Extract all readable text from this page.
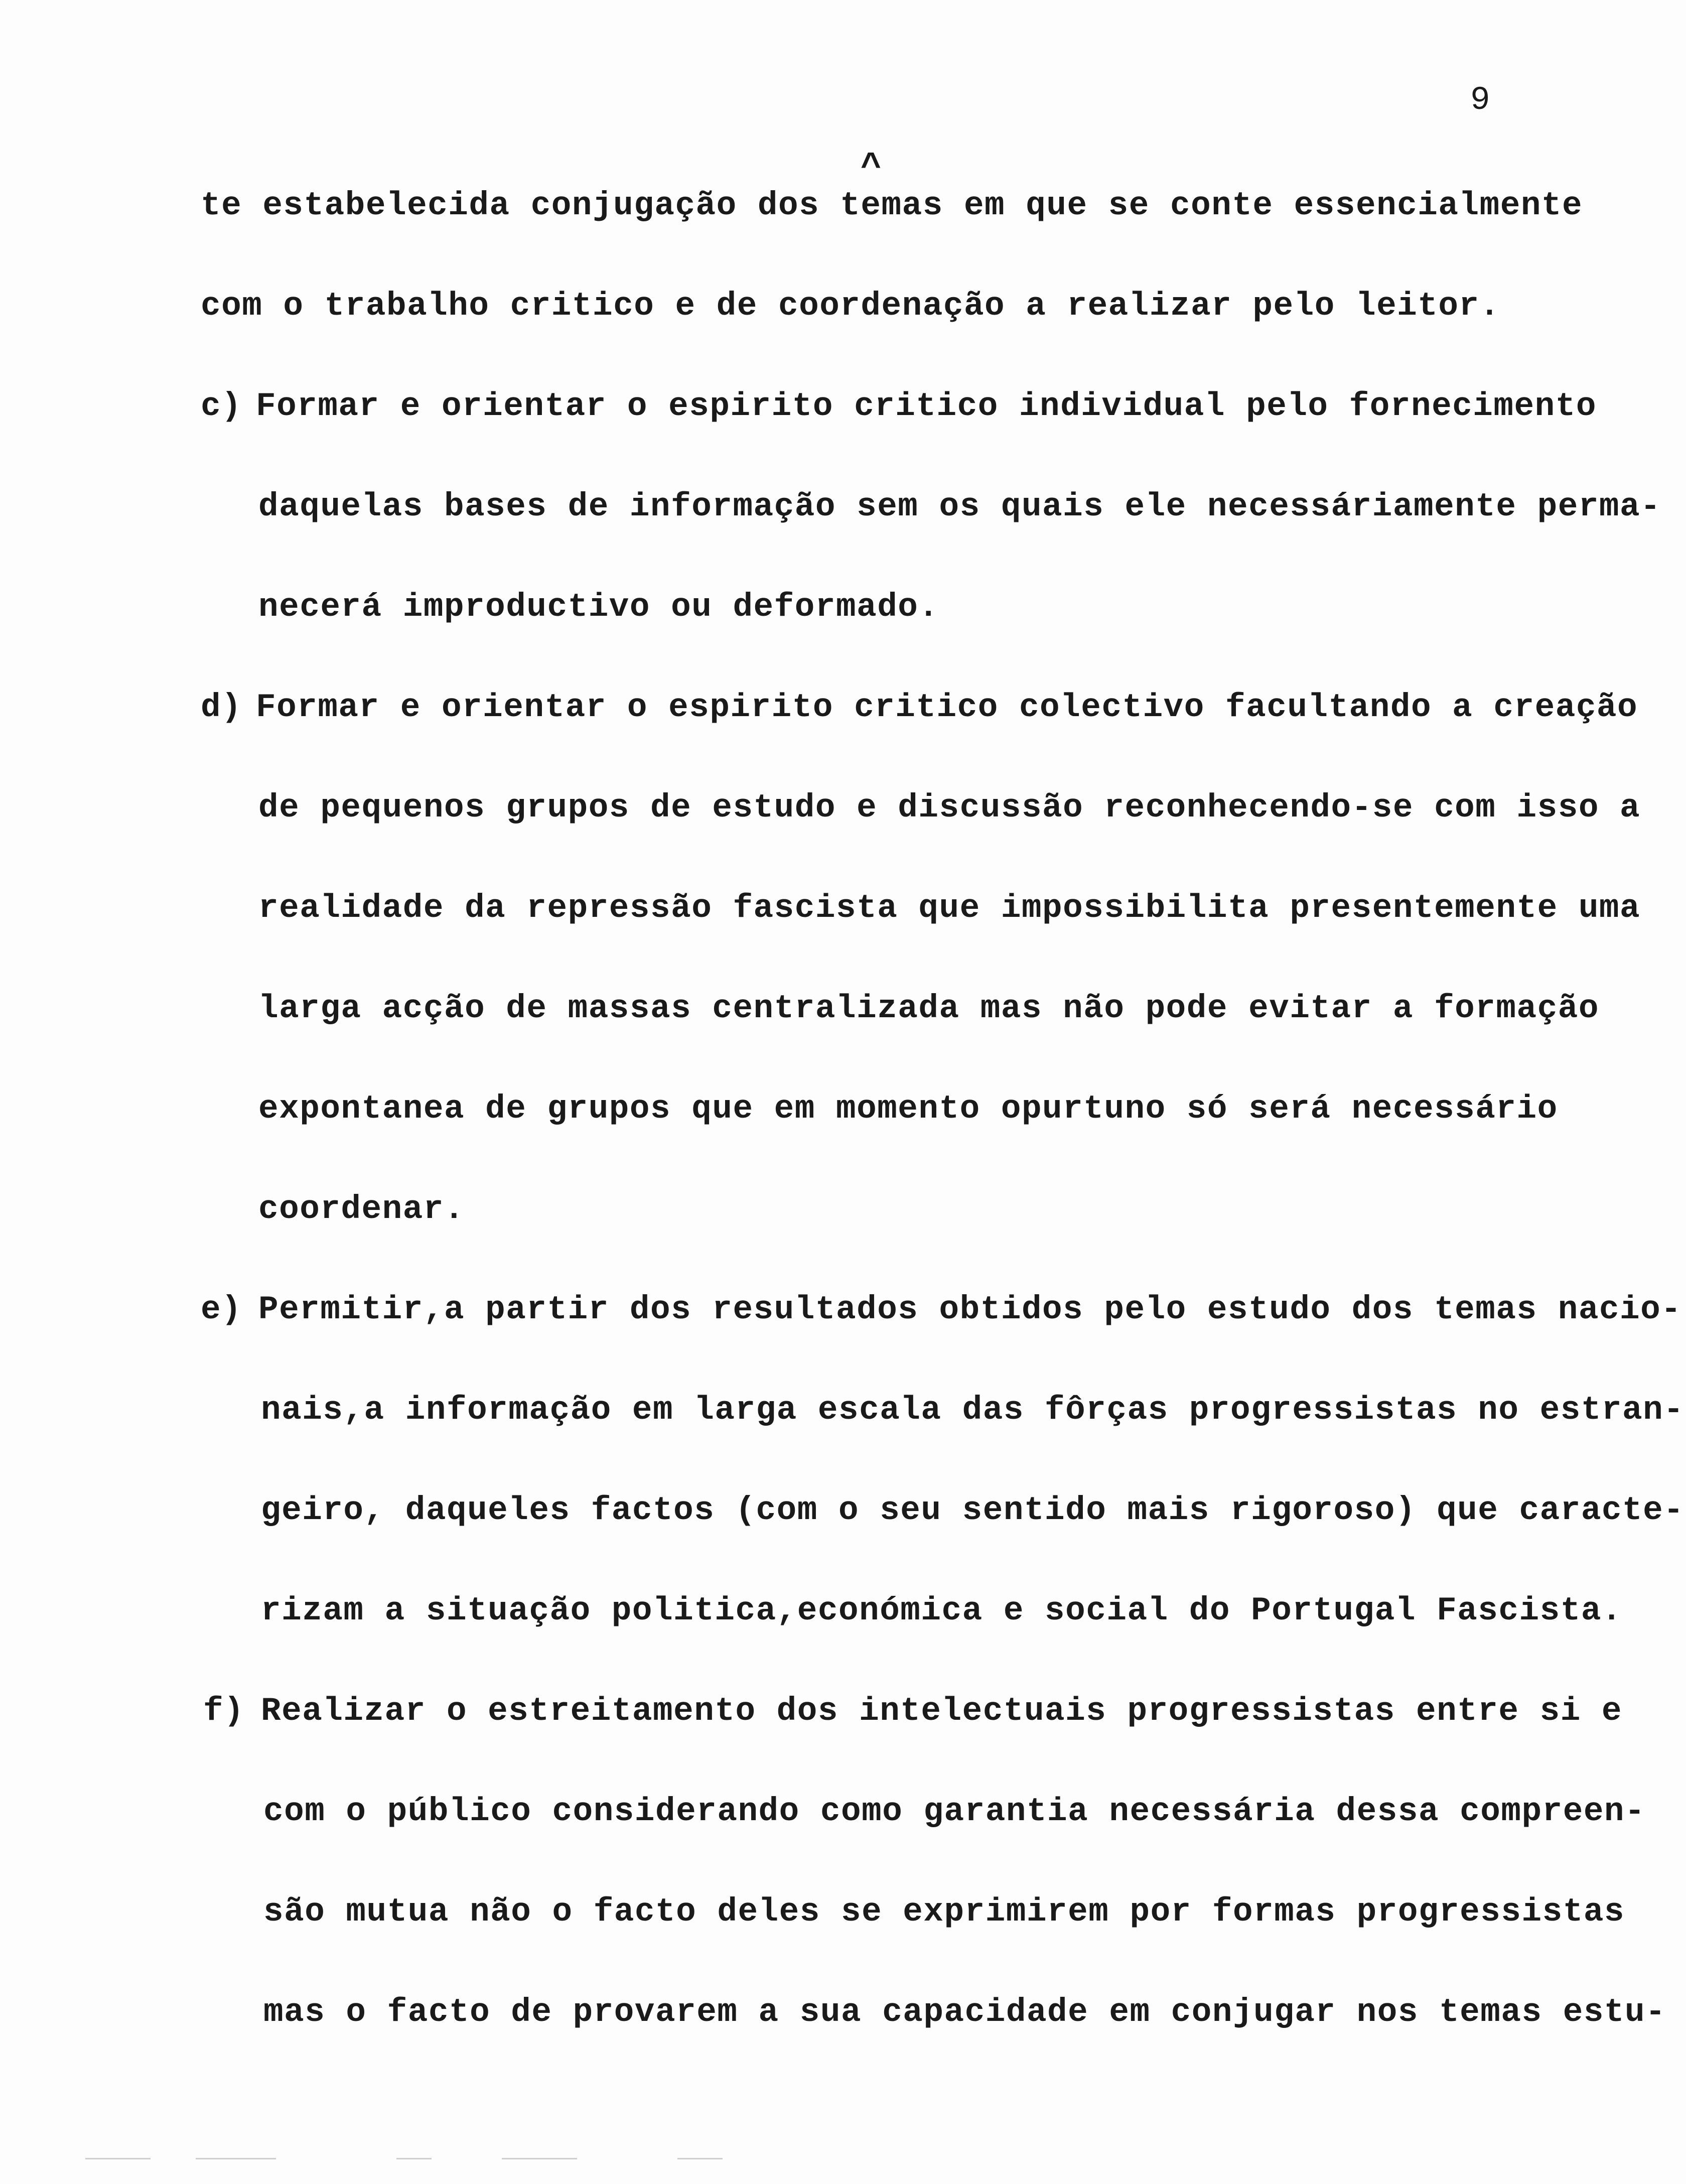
9
^
te estabelecida conjugação dos temas em que se conte essencialmente
com o trabalho critico e de coordenação a realizar pelo leitor.
c) Formar e orientar o espirito critico individual pelo fornecimento
daquelas bases de informação sem os quais ele necessáriamente perma-
necerá improductivo ou deformado.
d) Formar e orientar o espirito critico colectivo facultando a creação
de pequenos grupos de estudo e discussão reconhecendo-se com isso a
realidade da repressão fascista que impossibilita presentemente uma
larga acção de massas centralizada mas não pode evitar a formação
expontanea de grupos que em momento opurtuno só será necessário
coordenar.
e) Permitir,a partir dos resultados obtidos pelo estudo dos temas nacio-
nais,a informação em larga escala das fôrças progressistas no estran-
geiro, daqueles factos (com o seu sentido mais rigoroso) que caracte-
rizam a situação politica,económica e social do Portugal Fascista.
f) Realizar o estreitamento dos intelectuais progressistas entre si e
com o público considerando como garantia necessária dessa compreen-
são mutua não o facto deles se exprimirem por formas progressistas
mas o facto de provarem a sua capacidade em conjugar nos temas estu-
